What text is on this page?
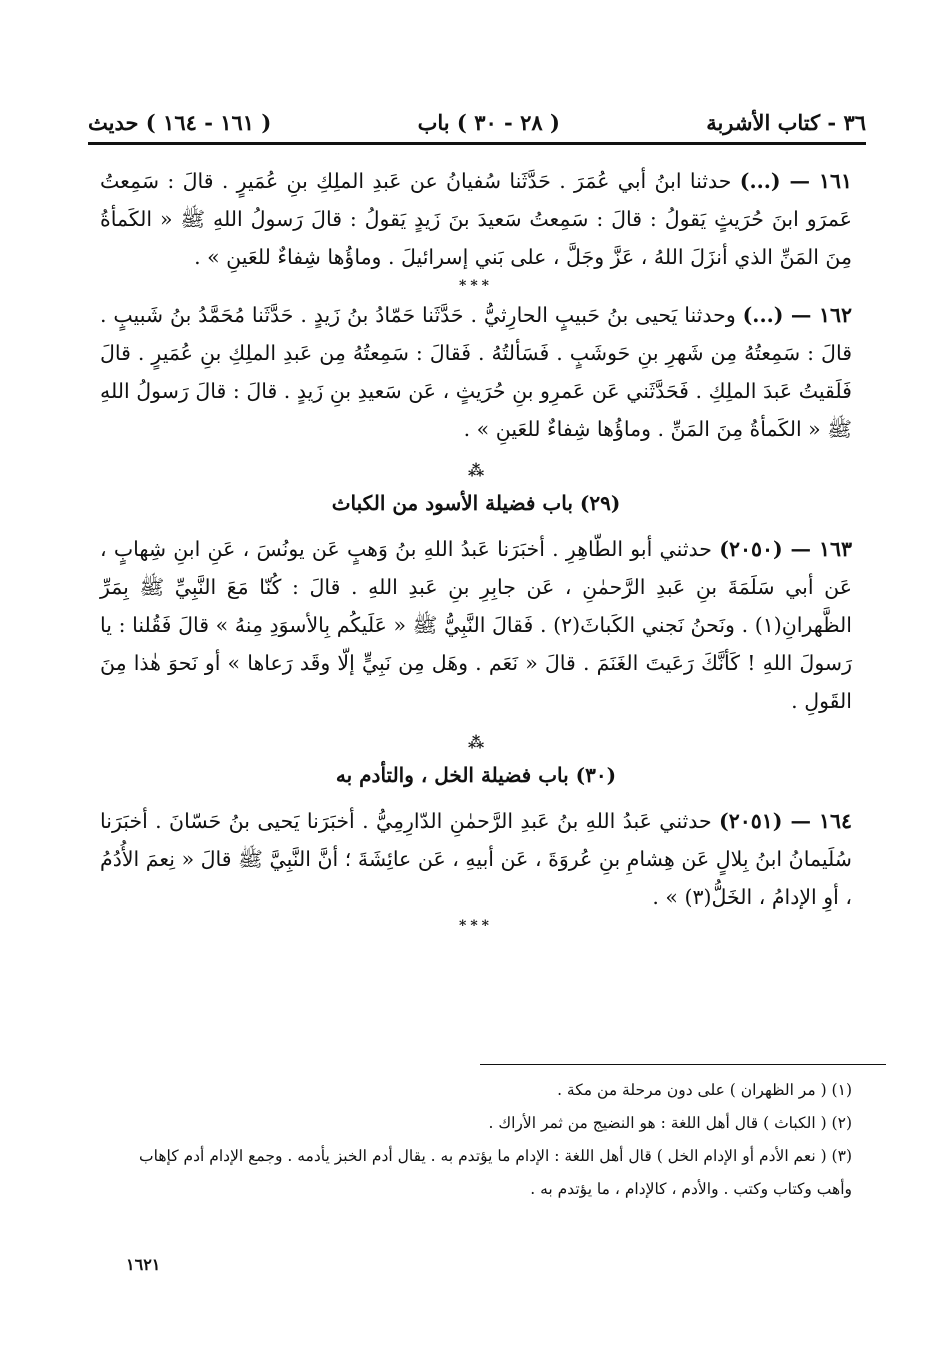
( ١٦١ - ١٦٤ ) حديث	( ٢٨ - ٣٠ ) باب	٣٦ - كتاب الأشربة

١٦١ — (...) حدثنا ابنُ أبي عُمَرَ . حَدَّثَنا سُفيانُ عن عَبدِ الملِكِ بنِ عُمَيرٍ . قالَ : سَمِعتُ عَمرَو ابنَ حُرَيثٍ يَقولُ : قالَ : سَمِعتُ سَعيدَ بنَ زَيدٍ يَقولُ : قالَ رَسولُ اللهِ ﷺ « الكَمأةُ مِنَ المَنِّ الذي أنزَلَ اللهُ ، عَزَّ وجَلَّ ، على بَني إسرائيلَ . وماؤُها شِفاءٌ للعَينِ » .

***

١٦٢ — (...) وحدثنا يَحيى بنُ حَبيبٍ الحارِثيُّ . حَدَّثَنا حَمّادُ بنُ زَيدٍ . حَدَّثَنا مُحَمَّدُ بنُ شَبيبٍ . قالَ : سَمِعتُهُ مِن شَهرِ بنِ حَوشَبٍ . فَسَألتُهُ . فَقالَ : سَمِعتُهُ مِن عَبدِ الملِكِ بنِ عُمَيرٍ . قالَ فَلَقيتُ عَبدَ الملِكِ . فَحَدَّثَني عَن عَمرِو بنِ حُرَيثٍ ، عَن سَعيدِ بنِ زَيدٍ . قالَ : قالَ رَسولُ اللهِ ﷺ « الكَمأةُ مِنَ المَنِّ . وماؤُها شِفاءٌ للعَينِ » .

⁂

(٢٩) باب فضيلة الأسود من الكباث

١٦٣ — (٢٠٥٠) حدثني أبو الطّاهِرِ . أخبَرَنا عَبدُ اللهِ بنُ وَهبٍ عَن يونُسَ ، عَنِ ابنِ شِهابٍ ، عَن أبي سَلَمَةَ بنِ عَبدِ الرَّحمٰنِ ، عَن جابِرِ بنِ عَبدِ اللهِ . قالَ : كُنّا مَعَ النَّبِيِّ ﷺ بِمَرِّ الظَّهرانِ(١) . ونَحنُ نَجني الكَباثَ(٢) . فَقالَ النَّبِيُّ ﷺ « عَلَيكُم بِالأسوَدِ مِنهُ » قالَ فَقُلنا : يا رَسولَ اللهِ ! كَأنَّكَ رَعَيتَ الغَنَمَ . قالَ « نَعَم . وهَل مِن نَبِيٍّ إلّا وقَد رَعاها » أو نَحوَ هٰذا مِنَ القَولِ .

⁂

(٣٠) باب فضيلة الخل ، والتأدم به

١٦٤ — (٢٠٥١) حدثني عَبدُ اللهِ بنُ عَبدِ الرَّحمٰنِ الدّارِمِيُّ . أخبَرَنا يَحيى بنُ حَسّانَ . أخبَرَنا سُلَيمانُ ابنُ بِلالٍ عَن هِشامِ بنِ عُروَةَ ، عَن أبيهِ ، عَن عائِشَةَ ؛ أنَّ النَّبِيَّ ﷺ قالَ « نِعمَ الأُدُمُ ، أوِ الإدامُ ، الخَلُّ(٣) » .

***

(١) ( مر الظهران ) على دون مرحلة من مكة .

(٢) ( الكباث ) قال أهل اللغة : هو النضيج من ثمر الأراك .

(٣) ( نعم الأدم أو الإدام الخل ) قال أهل اللغة : الإدام ما يؤتدم به . يقال أدم الخبز يأدمه . وجمع الإدام أدم كإهاب وأهب وكتاب وكتب . والأدم ، كالإدام ، ما يؤتدم به .

١٦٢١
